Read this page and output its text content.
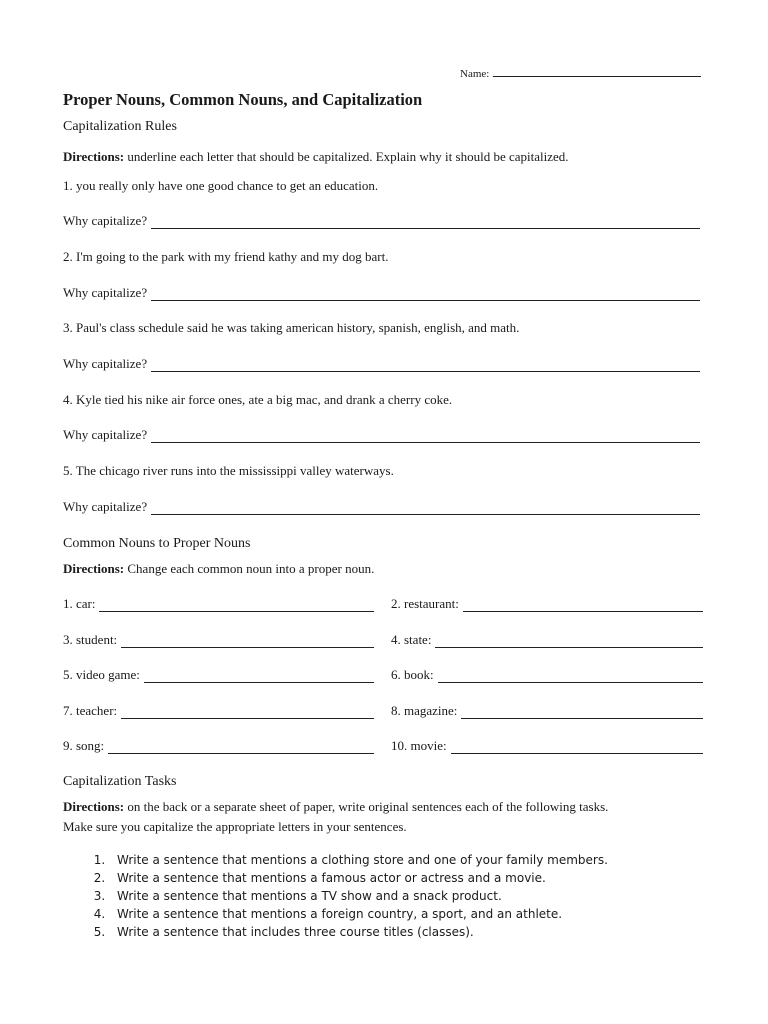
Name:
Proper Nouns, Common Nouns, and Capitalization
Capitalization Rules
Directions: underline each letter that should be capitalized. Explain why it should be capitalized.
1. you really only have one good chance to get an education.
Why capitalize?
2. I'm going to the park with my friend kathy and my dog bart.
Why capitalize?
3. Paul's class schedule said he was taking american history, spanish, english, and math.
Why capitalize?
4. Kyle tied his nike air force ones, ate a big mac, and drank a cherry coke.
Why capitalize?
5. The chicago river runs into the mississippi valley waterways.
Why capitalize?
Common Nouns to Proper Nouns
Directions: Change each common noun into a proper noun.
1. car:	2. restaurant:
3. student:	4. state:
5. video game:	6. book:
7. teacher:	8. magazine:
9. song:	10. movie:
Capitalization Tasks
Directions: on the back or a separate sheet of paper, write original sentences each of the following tasks.
Make sure you capitalize the appropriate letters in your sentences.
1. Write a sentence that mentions a clothing store and one of your family members.
2. Write a sentence that mentions a famous actor or actress and a movie.
3. Write a sentence that mentions a TV show and a snack product.
4. Write a sentence that mentions a foreign country, a sport, and an athlete.
5. Write a sentence that includes three course titles (classes).
